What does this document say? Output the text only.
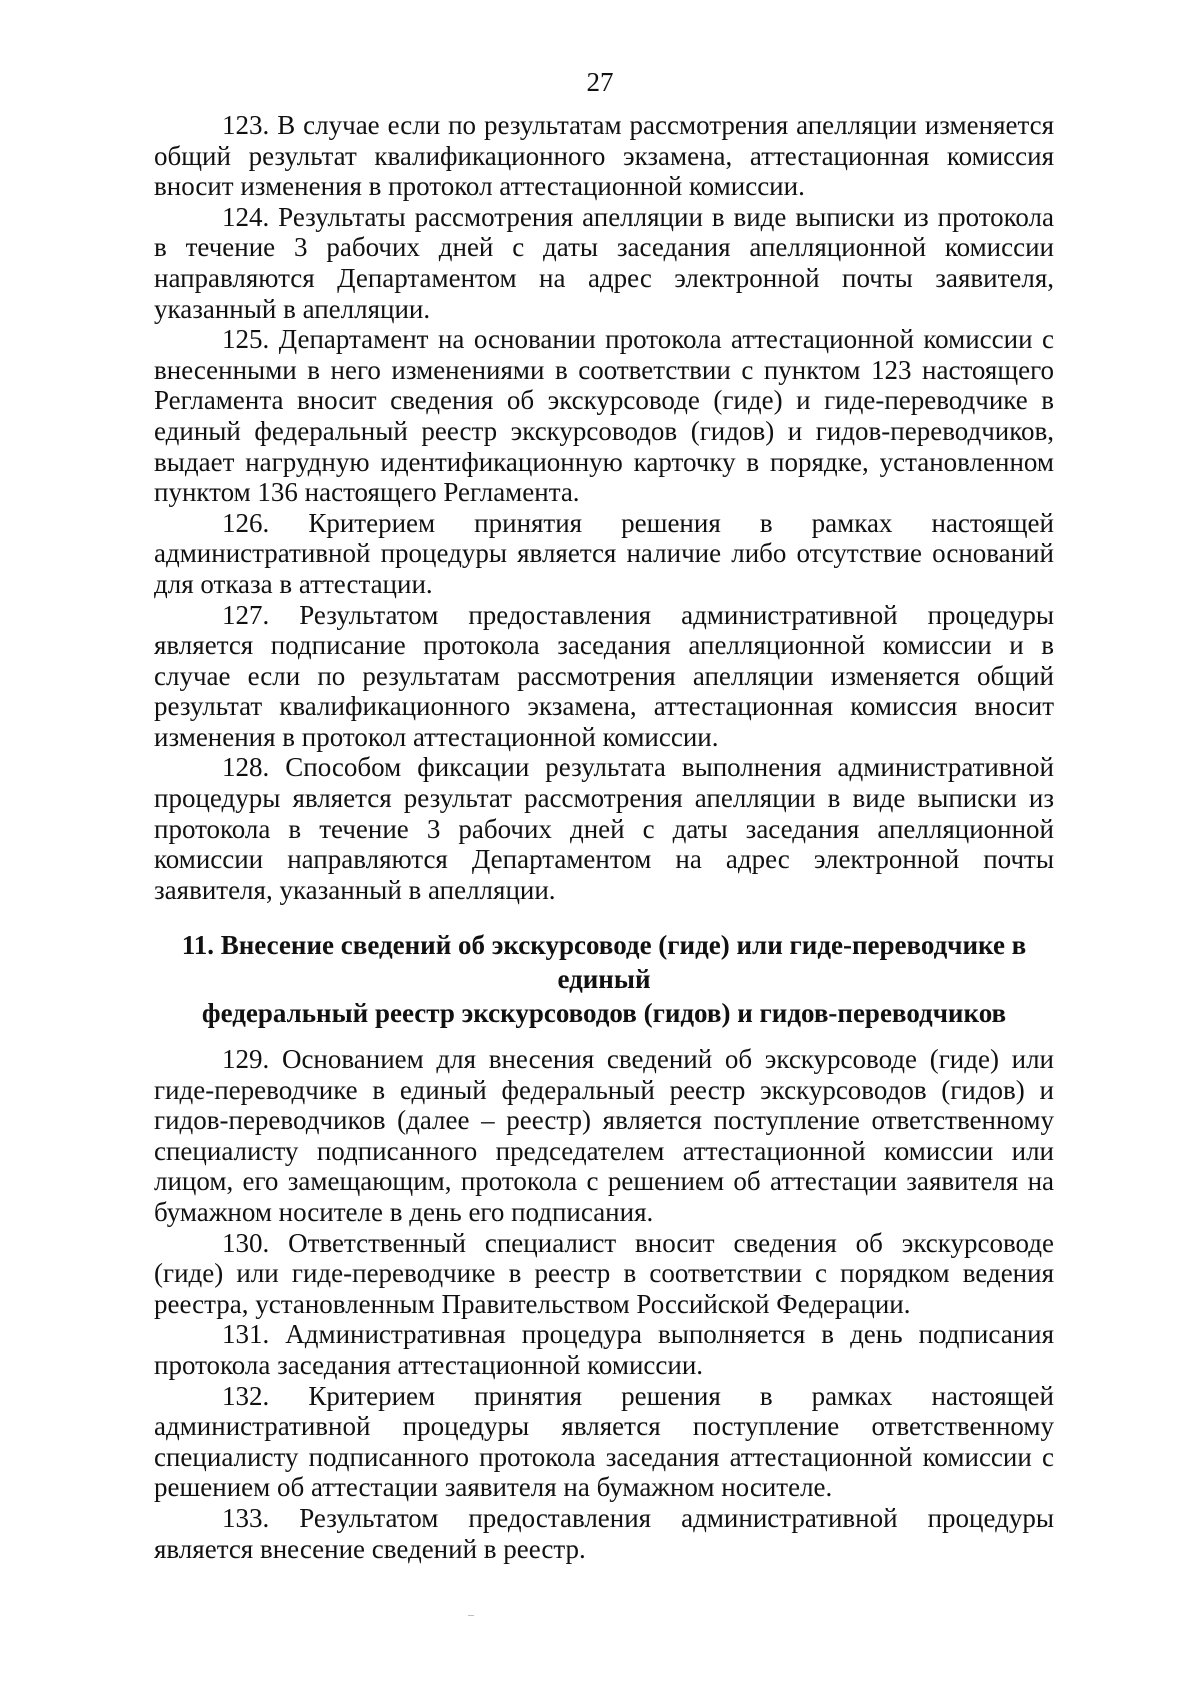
27

123. В случае если по результатам рассмотрения апелляции изменяется общий результат квалификационного экзамена, аттестационная комиссия вносит изменения в протокол аттестационной комиссии.

124. Результаты рассмотрения апелляции в виде выписки из протокола в течение 3 рабочих дней с даты заседания апелляционной комиссии направляются Департаментом на адрес электронной почты заявителя, указанный в апелляции.

125. Департамент на основании протокола аттестационной комиссии с внесенными в него изменениями в соответствии с пунктом 123 настоящего Регламента вносит сведения об экскурсоводе (гиде) и гиде-переводчике в единый федеральный реестр экскурсоводов (гидов) и гидов-переводчиков, выдает нагрудную идентификационную карточку в порядке, установленном пунктом 136 настоящего Регламента.

126. Критерием принятия решения в рамках настоящей административной процедуры является наличие либо отсутствие оснований для отказа в аттестации.

127. Результатом предоставления административной процедуры является подписание протокола заседания апелляционной комиссии и в случае если по результатам рассмотрения апелляции изменяется общий результат квалификационного экзамена, аттестационная комиссия вносит изменения в протокол аттестационной комиссии.

128. Способом фиксации результата выполнения административной процедуры является результат рассмотрения апелляции в виде выписки из протокола в течение 3 рабочих дней с даты заседания апелляционной комиссии направляются Департаментом на адрес электронной почты заявителя, указанный в апелляции.

11. Внесение сведений об экскурсоводе (гиде) или гиде-переводчике в единый
федеральный реестр экскурсоводов (гидов) и гидов-переводчиков

129. Основанием для внесения сведений об экскурсоводе (гиде) или гиде-переводчике в единый федеральный реестр экскурсоводов (гидов) и гидов-переводчиков (далее – реестр) является поступление ответственному специалисту подписанного председателем аттестационной комиссии или лицом, его замещающим, протокола с решением об аттестации заявителя на бумажном носителе в день его подписания.

130. Ответственный специалист вносит сведения об экскурсоводе (гиде) или гиде-переводчике в реестр в соответствии с порядком ведения реестра, установленным Правительством Российской Федерации.

131. Административная процедура выполняется в день подписания протокола заседания аттестационной комиссии.

132. Критерием принятия решения в рамках настоящей административной процедуры является поступление ответственному специалисту подписанного протокола заседания аттестационной комиссии с решением об аттестации заявителя на бумажном носителе.

133. Результатом предоставления административной процедуры является внесение сведений в реестр.
